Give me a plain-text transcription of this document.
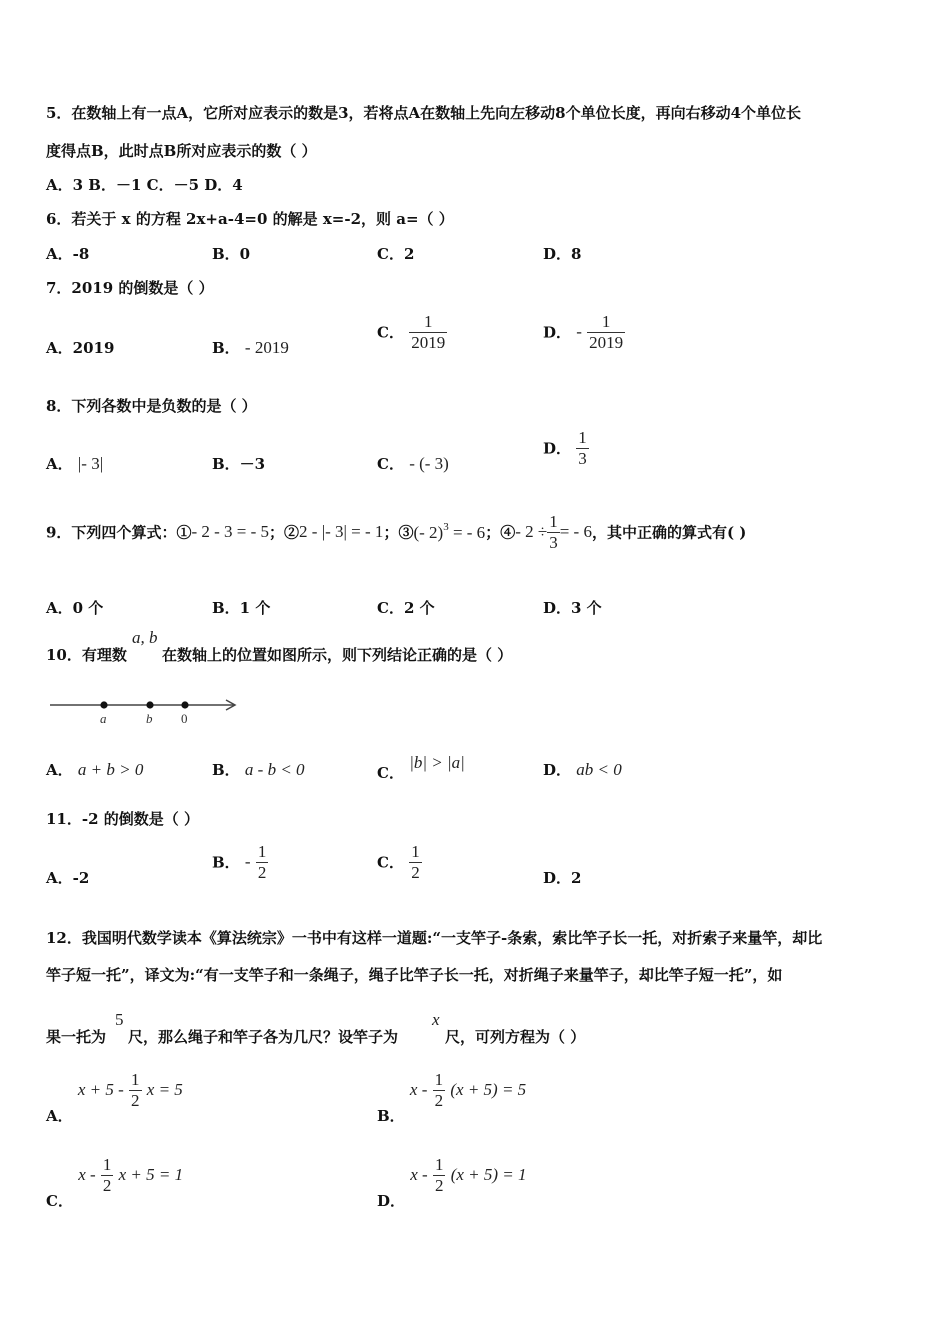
5．在数轴上有一点A，它所对应表示的数是3，若将点A在数轴上先向左移动8个单位长度，再向右移动4个单位长
度得点B，此时点B所对应表示的数（ ）
A．3 B．－1 C．－5 D．4
6．若关于 x 的方程 2x+a-4=0 的解是 x=-2，则 a=（ ）
A．-8	B．0	C．2	D．8
7．2019 的倒数是（ ）
A．2019	B． - 2019
C． $\frac{1}{2019}$	D． - $\frac{1}{2019}$
8．下列各数中是负数的是（ ）
A． |- 3|	B．－3	C． - (- 3)
D． $\frac{1}{3}$
9．下列四个算式：①- 2 - 3 = - 5；②2 - |- 3| = - 1；③(- 2)$^3$ = - 6；④- $2 \div \frac{1}{3}$ = - 6，其中正确的算式有( )
A．0 个	B．1 个	C．2 个	D．3 个
10．有理数
a, b
在数轴上的位置如图所示，则下列结论正确的是（ ）
a	b 0
A． a + b > 0	B． a - b < 0	C． |b| > |a|	D． ab < 0
11．-2 的倒数是（ ）
A．-2
B． - $\frac{1}{2}$	C． $\frac{1}{2}$	D．2
12．我国明代数学读本《算法统宗》一书中有这样一道题:“一支竿子-条索，索比竿子长一托，对折索子来量竿，却比
竿子短一托”，译文为:“有一支竿子和一条绳子，绳子比竿子长一托，对折绳子来量竿子，却比竿子短一托”，如
果一托为
5
尺，那么绳子和竿子各为几尺？设竿子为
x
尺，可列方程为（ ）
A． $x + 5 - \frac{1}{2}$ x = 5
B． $x - \frac{1}{2} (x + 5) = 5$
C． x - $\frac{1}{2}$ x + 5 = 1
D． $x - \frac{1}{2} (x + 5) = 1$
